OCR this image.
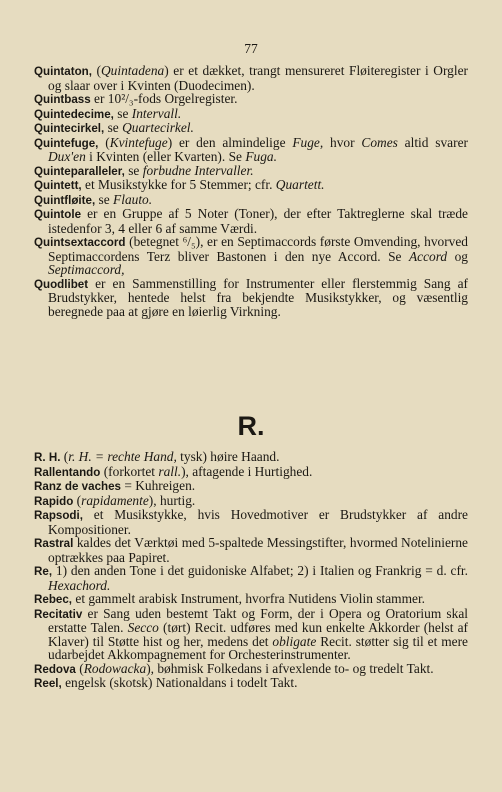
77

Quintaton, (Quintadena) er et dækket, trangt mensureret Fløiteregister i Orgler og slaar over i Kvinten (Duodecimen).

Quintbass er 10²/₃-fods Orgelregister.

Quintedecime, se Intervall.

Quintecirkel, se Quartecirkel.

Quintefuge, (Kvintefuge) er den almindelige Fuge, hvor Comes altid svarer Dux'en i Kvinten (eller Kvarten). Se Fuga.

Quinteparalleler, se forbudne Intervaller.

Quintett, et Musikstykke for 5 Stemmer; cfr. Quartett.

Quintfløite, se Flauto.

Quintole er en Gruppe af 5 Noter (Toner), der efter Taktreglerne skal træde istedenfor 3, 4 eller 6 af samme Værdi.

Quintsextaccord (betegnet ⁶/₅), er en Septimaccords første Omvending, hvorved Septimaccordens Terz bliver Bastonen i den nye Accord. Se Accord og Septimaccord,

Quodlibet er en Sammenstilling for Instrumenter eller flerstemmig Sang af Brudstykker, hentede helst fra bekjendte Musikstykker, og væsentlig beregnede paa at gjøre en løierlig Virkning.

R.

R. H. (r. H. = rechte Hand, tysk) høire Haand.

Rallentando (forkortet rall.), aftagende i Hurtighed.

Ranz de vaches = Kuhreigen.

Rapido (rapidamente), hurtig.

Rapsodi, et Musikstykke, hvis Hovedmotiver er Brudstykker af andre Kompositioner.

Rastral kaldes det Værktøi med 5-spaltede Messingstifter, hvormed Notelinierne optrækkes paa Papiret.

Re, 1) den anden Tone i det guidoniske Alfabet; 2) i Italien og Frankrig = d. cfr. Hexachord.

Rebec, et gammelt arabisk Instrument, hvorfra Nutidens Violin stammer.

Recitativ er Sang uden bestemt Takt og Form, der i Opera og Oratorium skal erstatte Talen. Secco (tørt) Recit. udføres med kun enkelte Akkorder (helst af Klaver) til Støtte hist og her, medens det obligate Recit. støtter sig til et mere udarbejdet Akkompagnement for Orchesterinstrumenter.

Redova (Rodowacka), bøhmisk Folkedans i afvexlende to- og tredelt Takt.

Reel, engelsk (skotsk) Nationaldans i todelt Takt.
